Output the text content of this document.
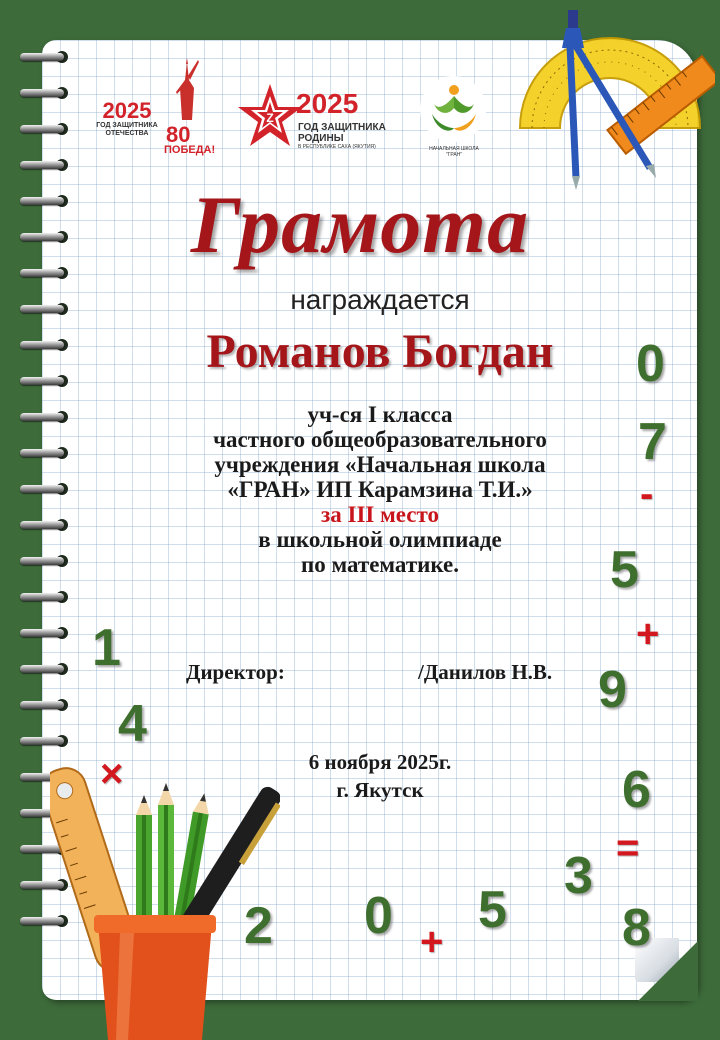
2025
ГОД ЗАЩИТНИКА
ОТЕЧЕСТВА 80
ПОБЕДА!
Z 2025
ГОД ЗАЩИТНИКА
РОДИНЫ
В РЕСПУБЛИКЕ САХА (ЯКУТИЯ)	НАЧАЛЬНАЯ ШКОЛА
"ГРАН"
Грамота
награждается
Романов Богдан
уч-ся I класса
частного общеобразовательного
учреждения «Начальная школа
«ГРАН» ИП Карамзина Т.И.»
за III место
в школьной олимпиаде
по математике.
Директор:	/Данилов Н.В.
6 ноября 2025г.
г. Якутск
0
7
-
5
+
9
6
=
3
8
1
4
×
2 0 +
5
